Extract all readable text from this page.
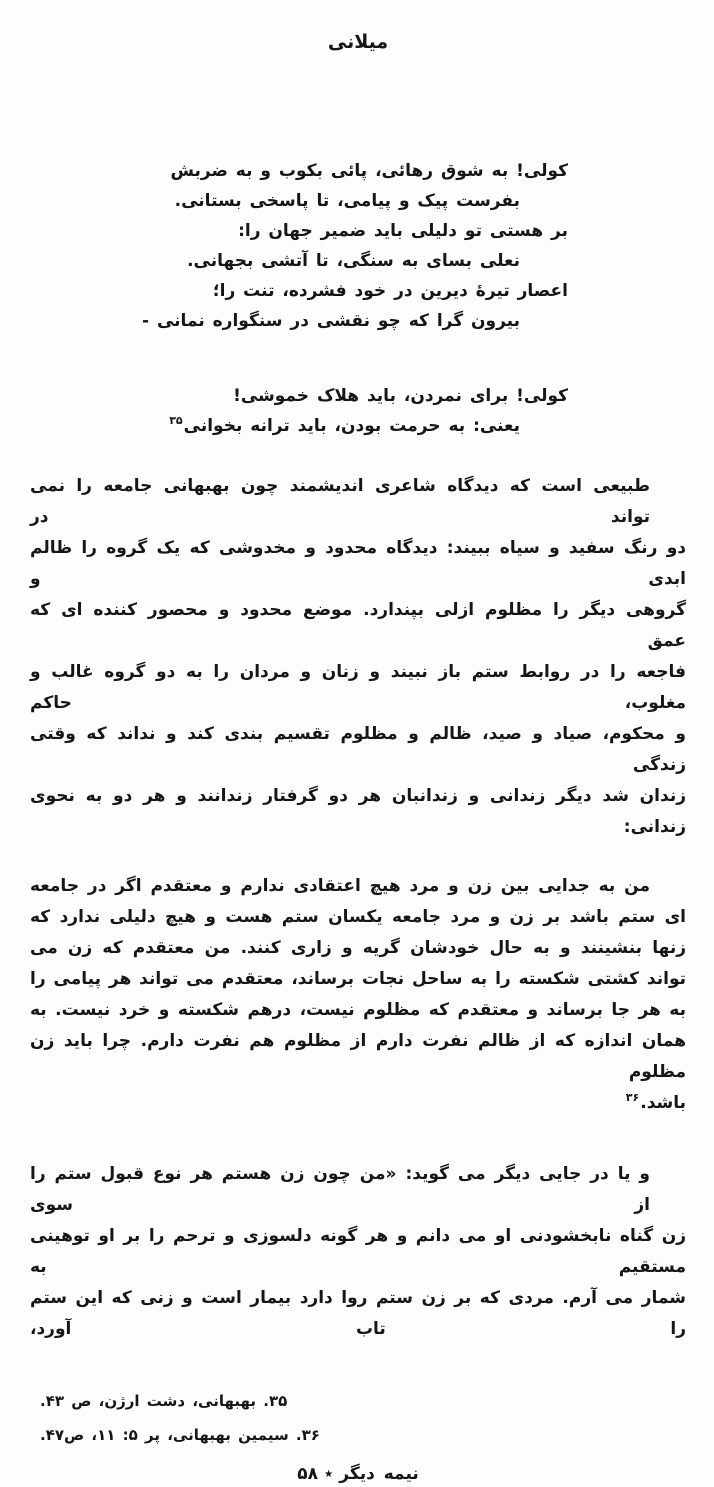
میلانی
کولی! به شوق رهائی، پائی بکوب و به ضربش
بفرست پیک و پیامی، تا پاسخی بستانی.
بر هستی تو دلیلی باید ضمیر جهان را:
نعلی بسای به سنگی، تا آتشی بجهانی.
اعصار تیرهٔ دیرین در خود فشرده، تنت را؛
بیرون گرا که چو نقشی در سنگواره نمانی -
کولی! برای نمردن، باید هلاک خموشی!
یعنی: به حرمت بودن، باید ترانه بخوانی$^{۳۵}$
طبیعی است که دیدگاه شاعری اندیشمند چون بهبهانی جامعه را نمی تواند در
دو رنگ سفید و سیاه ببیند: دیدگاه محدود و مخدوشی که یک گروه را ظالم ابدی و
گروهی دیگر را مظلوم ازلی بپندارد. موضع محدود و محصور کننده ای که عمق
فاجعه را در روابط ستم باز نبیند و زنان و مردان را به دو گروه غالب و مغلوب، حاکم
و محکوم، صیاد و صید، ظالم و مظلوم تقسیم بندی کند و نداند که وقتی زندگی
زندان شد دیگر زندانی و زندانبان هر دو گرفتار زندانند و هر دو به نحوی زندانی:
من به جدایی بین زن و مرد هیچ اعتقادی ندارم و معتقدم اگر در جامعه
ای ستم باشد بر زن و مرد جامعه یکسان ستم هست و هیچ دلیلی ندارد که
زنها بنشینند و به حال خودشان گریه و زاری کنند. من معتقدم که زن می
تواند کشتی شکسته را به ساحل نجات برساند، معتقدم می تواند هر پیامی را
به هر جا برساند و معتقدم که مظلوم نیست، درهم شکسته و خرد نیست. به
همان اندازه که از ظالم نفرت دارم از مظلوم هم نفرت دارم. چرا باید زن مظلوم
باشد.$^{۳۶}$
و یا در جایی دیگر می گوید: «من چون زن هستم هر نوع قبول ستم را از سوی
زن گناه نابخشودنی او می دانم و هر گونه دلسوزی و ترحم را بر او توهینی مستقیم به
شمار می آرم. مردی که بر زن ستم روا دارد بیمار است و زنی که این ستم را تاب آورد،
۳۵. بهبهانی، دشت ارژن، ص ۴۳.
۳۶. سیمین بهبهانی، پر ۵: ۱۱، ص۴۷.
نیمه دیگر٭۵۸
